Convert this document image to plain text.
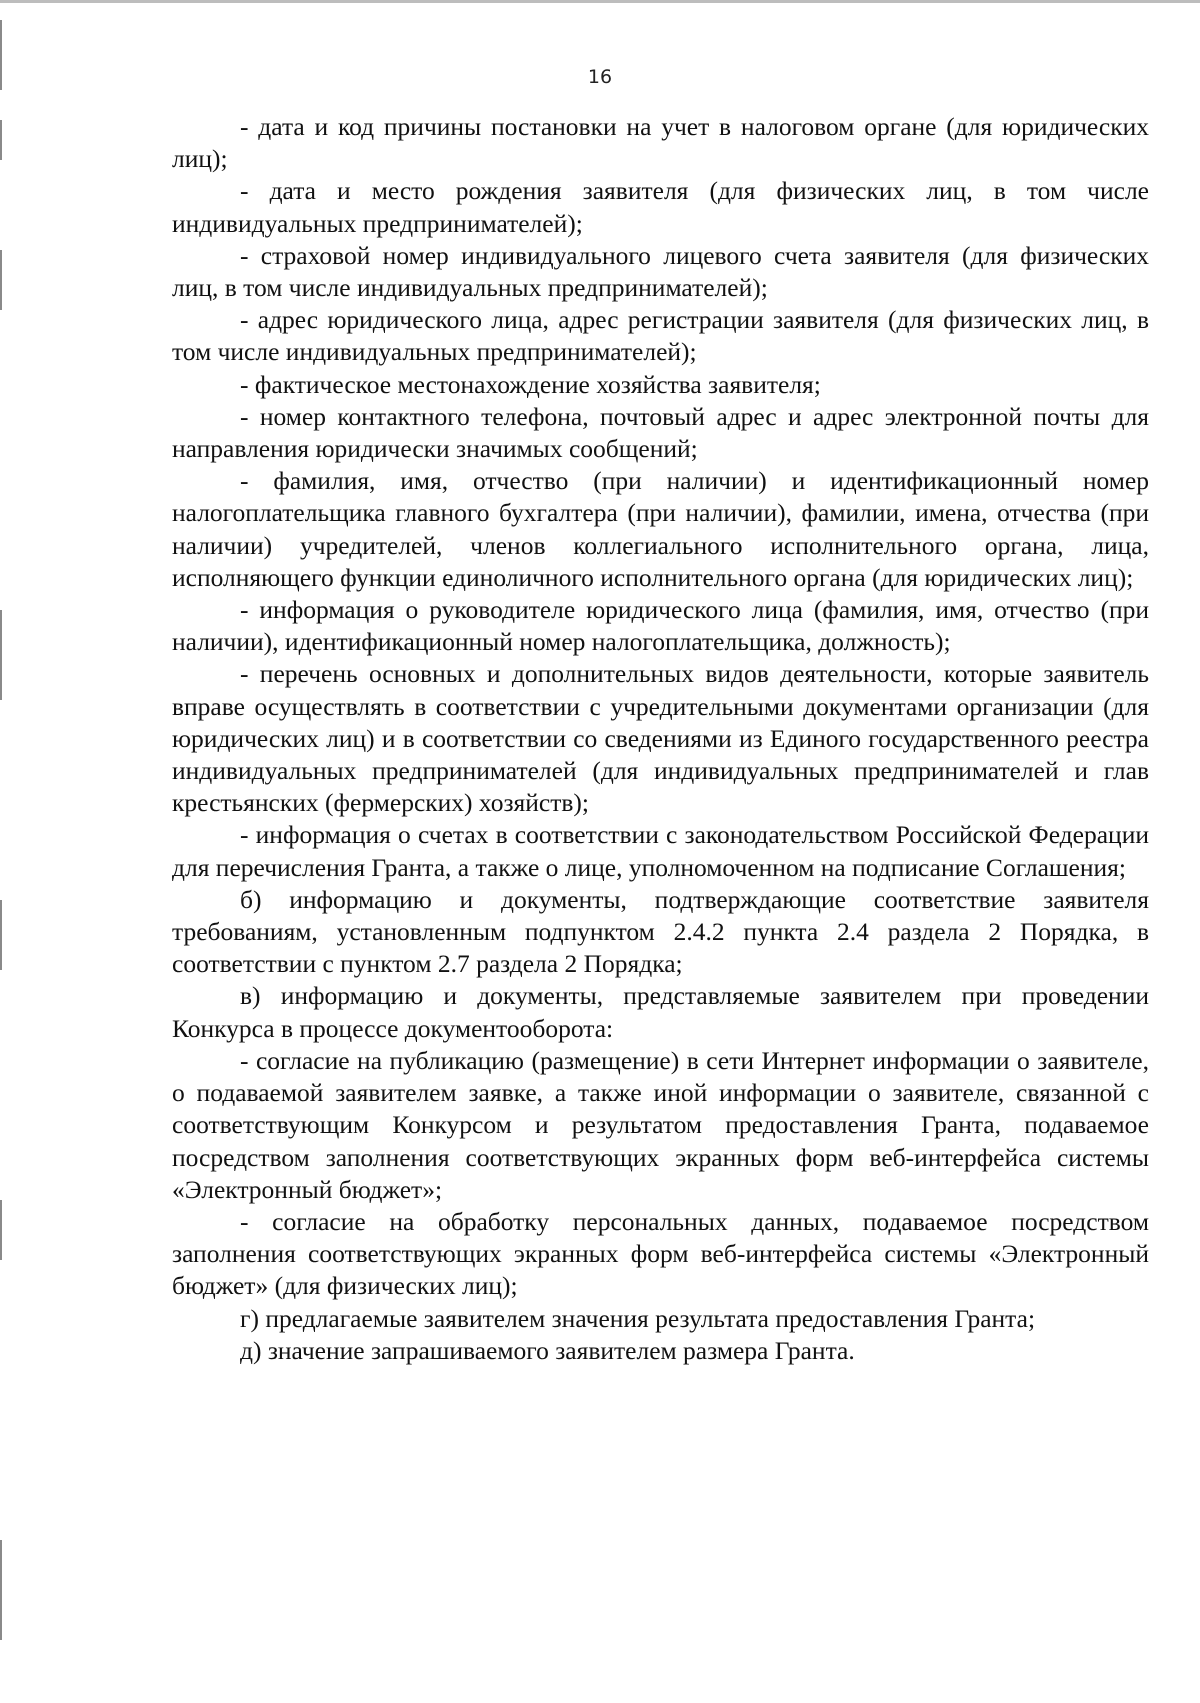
16

- дата и код причины постановки на учет в налоговом органе (для юридических лиц);

- дата и место рождения заявителя (для физических лиц, в том числе индивидуальных предпринимателей);

- страховой номер индивидуального лицевого счета заявителя (для физических лиц, в том числе индивидуальных предпринимателей);

- адрес юридического лица, адрес регистрации заявителя (для физических лиц, в том числе индивидуальных предпринимателей);

- фактическое местонахождение хозяйства заявителя;

- номер контактного телефона, почтовый адрес и адрес электронной почты для направления юридически значимых сообщений;

- фамилия, имя, отчество (при наличии) и идентификационный номер налогоплательщика главного бухгалтера (при наличии), фамилии, имена, отчества (при наличии) учредителей, членов коллегиального исполнительного органа, лица, исполняющего функции единоличного исполнительного органа (для юридических лиц);

- информация о руководителе юридического лица (фамилия, имя, отчество (при наличии), идентификационный номер налогоплательщика, должность);

- перечень основных и дополнительных видов деятельности, которые заявитель вправе осуществлять в соответствии с учредительными документами организации (для юридических лиц) и в соответствии со сведениями из Единого государственного реестра индивидуальных предпринимателей (для индивидуальных предпринимателей и глав крестьянских (фермерских) хозяйств);

- информация о счетах в соответствии с законодательством Российской Федерации для перечисления Гранта, а также о лице, уполномоченном на подписание Соглашения;

б) информацию и документы, подтверждающие соответствие заявителя требованиям, установленным подпунктом 2.4.2 пункта 2.4 раздела 2 Порядка, в соответствии с пунктом 2.7 раздела 2 Порядка;

в) информацию и документы, представляемые заявителем при проведении Конкурса в процессе документооборота:

- согласие на публикацию (размещение) в сети Интернет информации о заявителе, о подаваемой заявителем заявке, а также иной информации о заявителе, связанной с соответствующим Конкурсом и результатом предоставления Гранта, подаваемое посредством заполнения соответствующих экранных форм веб-интерфейса системы «Электронный бюджет»;

- согласие на обработку персональных данных, подаваемое посредством заполнения соответствующих экранных форм веб-интерфейса системы «Электронный бюджет» (для физических лиц);

г) предлагаемые заявителем значения результата предоставления Гранта;

д) значение запрашиваемого заявителем размера Гранта.
